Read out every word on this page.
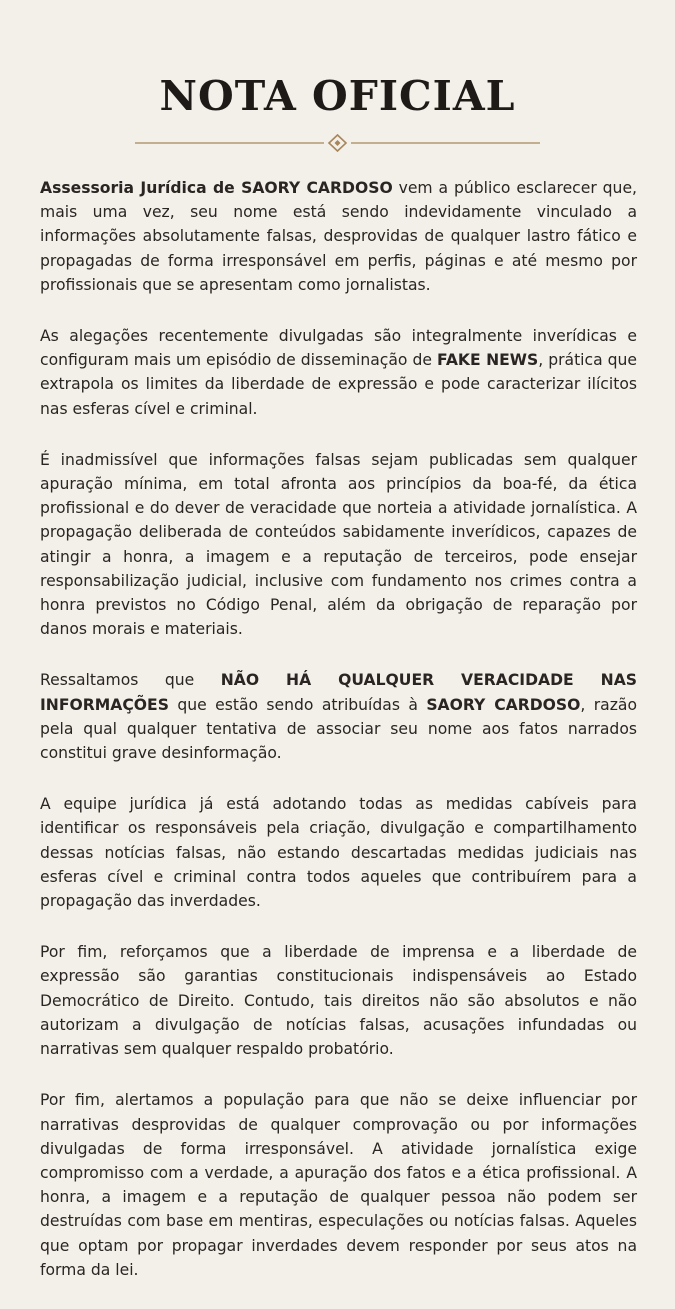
NOTA OFICIAL

Assessoria Jurídica de SAORY CARDOSO vem a público esclarecer que, mais uma vez, seu nome está sendo indevidamente vinculado a informações absolutamente falsas, desprovidas de qualquer lastro fático e propagadas de forma irresponsável em perfis, páginas e até mesmo por profissionais que se apresentam como jornalistas.

As alegações recentemente divulgadas são integralmente inverídicas e configuram mais um episódio de disseminação de FAKE NEWS, prática que extrapola os limites da liberdade de expressão e pode caracterizar ilícitos nas esferas cível e criminal.

É inadmissível que informações falsas sejam publicadas sem qualquer apuração mínima, em total afronta aos princípios da boa-fé, da ética profissional e do dever de veracidade que norteia a atividade jornalística. A propagação deliberada de conteúdos sabidamente inverídicos, capazes de atingir a honra, a imagem e a reputação de terceiros, pode ensejar responsabilização judicial, inclusive com fundamento nos crimes contra a honra previstos no Código Penal, além da obrigação de reparação por danos morais e materiais.

Ressaltamos que NÃO HÁ QUALQUER VERACIDADE NAS INFORMAÇÕES que estão sendo atribuídas à SAORY CARDOSO, razão pela qual qualquer tentativa de associar seu nome aos fatos narrados constitui grave desinformação.

A equipe jurídica já está adotando todas as medidas cabíveis para identificar os responsáveis pela criação, divulgação e compartilhamento dessas notícias falsas, não estando descartadas medidas judiciais nas esferas cível e criminal contra todos aqueles que contribuírem para a propagação das inverdades.

Por fim, reforçamos que a liberdade de imprensa e a liberdade de expressão são garantias constitucionais indispensáveis ao Estado Democrático de Direito. Contudo, tais direitos não são absolutos e não autorizam a divulgação de notícias falsas, acusações infundadas ou narrativas sem qualquer respaldo probatório.

Por fim, alertamos a população para que não se deixe influenciar por narrativas desprovidas de qualquer comprovação ou por informações divulgadas de forma irresponsável. A atividade jornalística exige compromisso com a verdade, a apuração dos fatos e a ética profissional. A honra, a imagem e a reputação de qualquer pessoa não podem ser destruídas com base em mentiras, especulações ou notícias falsas. Aqueles que optam por propagar inverdades devem responder por seus atos na forma da lei.
